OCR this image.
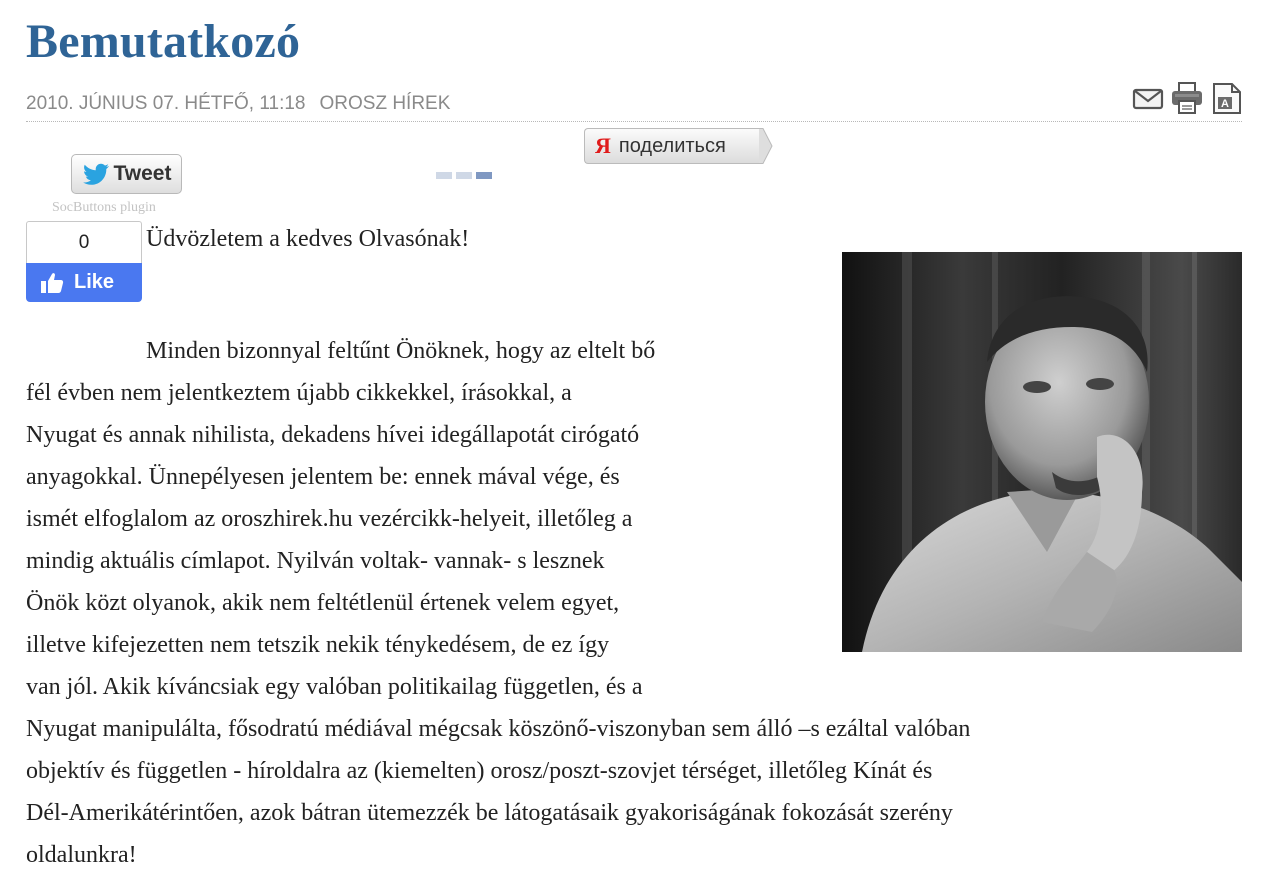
Bemutatkozó
2010. JÚNIUS 07. HÉTFŐ, 11:18 OROSZ HÍREK	A
Я поделиться
Tweet
SocButtons plugin
0
Like
Üdvözletem a kedves Olvasónak!
Minden bizonnyal feltűnt Önöknek, hogy az eltelt bő
fél évben nem jelentkeztem újabb cikkekkel, írásokkal, a
Nyugat és annak nihilista, dekadens hívei idegállapotát cirógató
anyagokkal. Ünnepélyesen jelentem be: ennek mával vége, és
ismét elfoglalom az oroszhirek.hu vezércikk-helyeit, illetőleg a
mindig aktuális címlapot. Nyilván voltak- vannak- s lesznek
Önök közt olyanok, akik nem feltétlenül értenek velem egyet,
illetve kifejezetten nem tetszik nekik ténykedésem, de ez így
van jól. Akik kíváncsiak egy valóban politikailag független, és a
Nyugat manipulálta, fősodratú médiával mégcsak köszönő-viszonyban sem álló –s ezáltal valóban
objektív és független - híroldalra az (kiemelten) orosz/poszt-szovjet térséget, illetőleg Kínát és
Dél-Amerikátérintően, azok bátran ütemezzék be látogatásaik gyakoriságának fokozását szerény
oldalunkra!
